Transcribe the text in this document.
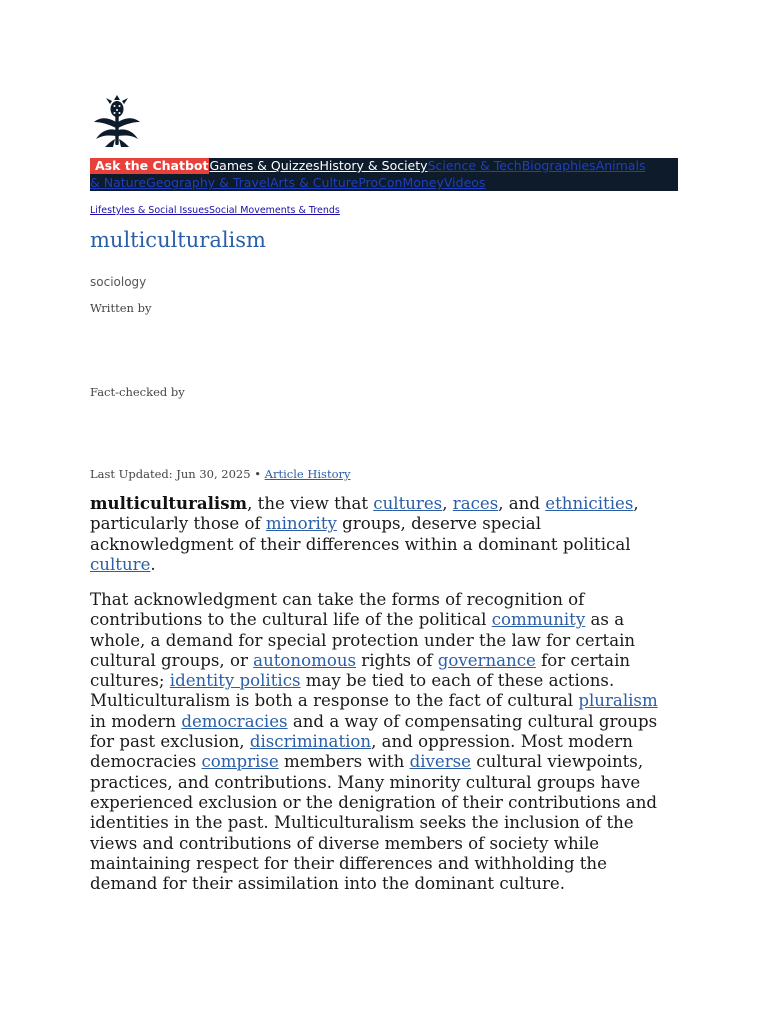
Ask the Chatbot Games & Quizzes History & Society Science & Tech Biographies Animals
& Nature Geography & Travel Arts & Culture ProCon Money Videos
Lifestyles & Social IssuesSocial Movements & Trends
multiculturalism
sociology
Written by
Fact-checked by
Last Updated: Jun 30, 2025 • Article History

multiculturalism, the view that cultures, races, and ethnicities, particularly those of minority groups, deserve special acknowledgment of their differences within a dominant political culture.

That acknowledgment can take the forms of recognition of contributions to the cultural life of the political community as a whole, a demand for special protection under the law for certain cultural groups, or autonomous rights of governance for certain cultures; identity politics may be tied to each of these actions. Multiculturalism is both a response to the fact of cultural pluralism in modern democracies and a way of compensating cultural groups for past exclusion, discrimination, and oppression. Most modern democracies comprise members with diverse cultural viewpoints, practices, and contributions. Many minority cultural groups have experienced exclusion or the denigration of their contributions and identities in the past. Multiculturalism seeks the inclusion of the views and contributions of diverse members of society while maintaining respect for their differences and withholding the demand for their assimilation into the dominant culture.
